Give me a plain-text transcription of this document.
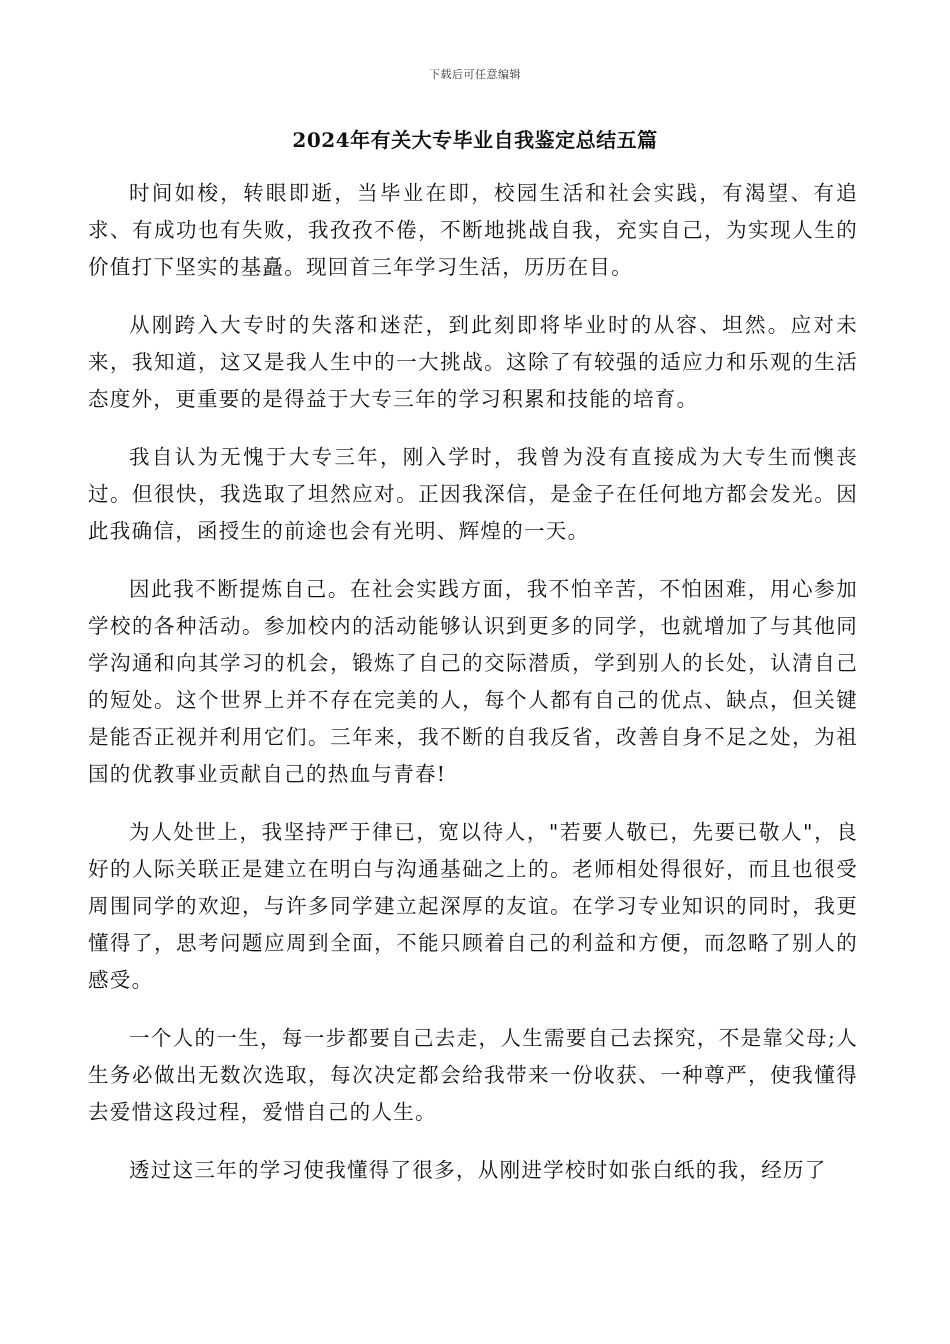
下载后可任意编辑
2024年有关大专毕业自我鉴定总结五篇

时间如梭，转眼即逝，当毕业在即，校园生活和社会实践，有渴望、有追求、有成功也有失败，我孜孜不倦，不断地挑战自我，充实自己，为实现人生的价值打下坚实的基矗。现回首三年学习生活，历历在目。

从刚跨入大专时的失落和迷茫，到此刻即将毕业时的从容、坦然。应对未来，我知道，这又是我人生中的一大挑战。这除了有较强的适应力和乐观的生活态度外，更重要的是得益于大专三年的学习积累和技能的培育。

我自认为无愧于大专三年，刚入学时，我曾为没有直接成为大专生而懊丧过。但很快，我选取了坦然应对。正因我深信，是金子在任何地方都会发光。因此我确信，函授生的前途也会有光明、辉煌的一天。

因此我不断提炼自己。在社会实践方面，我不怕辛苦，不怕困难，用心参加学校的各种活动。参加校内的活动能够认识到更多的同学，也就增加了与其他同学沟通和向其学习的机会，锻炼了自己的交际潜质，学到别人的长处，认清自己的短处。这个世界上并不存在完美的人，每个人都有自己的优点、缺点，但关键是能否正视并利用它们。三年来，我不断的自我反省，改善自身不足之处，为祖国的优教事业贡献自己的热血与青春!

为人处世上，我坚持严于律已，宽以待人，"若要人敬已，先要已敬人"，良好的人际关联正是建立在明白与沟通基础之上的。老师相处得很好，而且也很受周围同学的欢迎，与许多同学建立起深厚的友谊。在学习专业知识的同时，我更懂得了，思考问题应周到全面，不能只顾着自己的利益和方便，而忽略了别人的感受。

一个人的一生，每一步都要自己去走，人生需要自己去探究，不是靠父母;人生务必做出无数次选取，每次决定都会给我带来一份收获、一种尊严，使我懂得去爱惜这段过程，爱惜自己的人生。

透过这三年的学习使我懂得了很多，从刚进学校时如张白纸的我，经历了
